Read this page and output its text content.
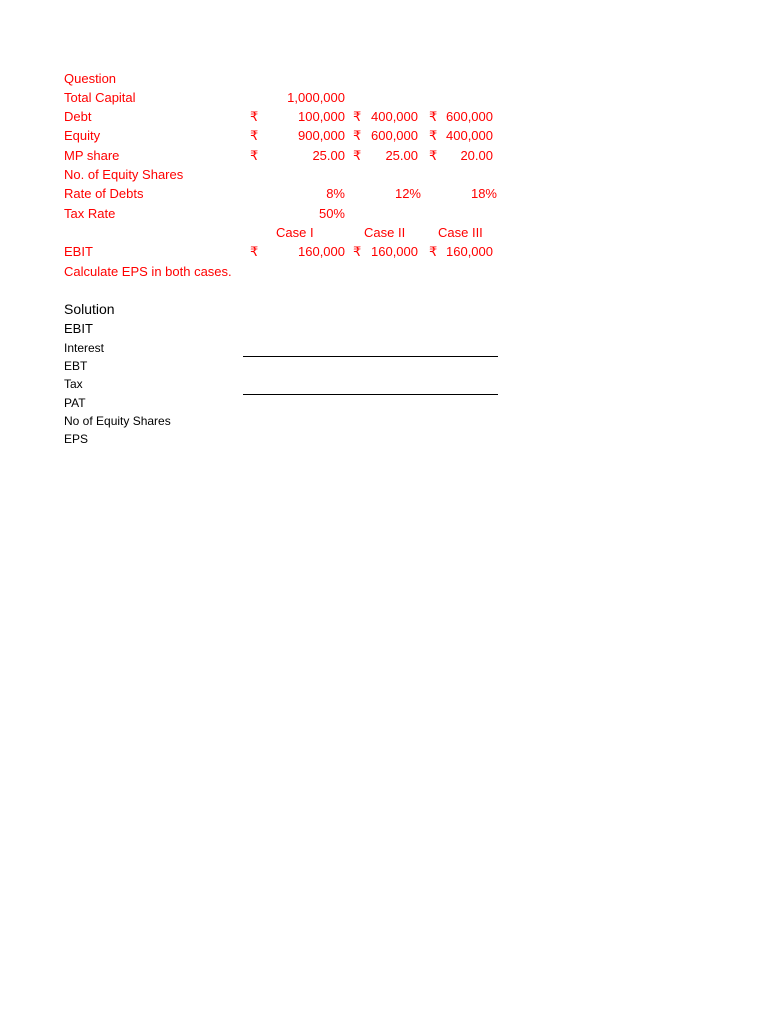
Question
Total Capital	1,000,000
Debt	₹	100,000 ₹ 400,000 ₹ 600,000
Equity	₹	900,000 ₹ 600,000 ₹ 400,000
MP share	₹	25.00 ₹ 25.00 ₹ 20.00
No. of Equity Shares
Rate of Debts	8%	12%	18%
Tax Rate	50%
Case I	Case II	Case III
EBIT	₹	160,000 ₹ 160,000 ₹ 160,000
Calculate EPS in both cases.
Solution
EBIT
Interest
EBT
Tax
PAT
No of Equity Shares
EPS
